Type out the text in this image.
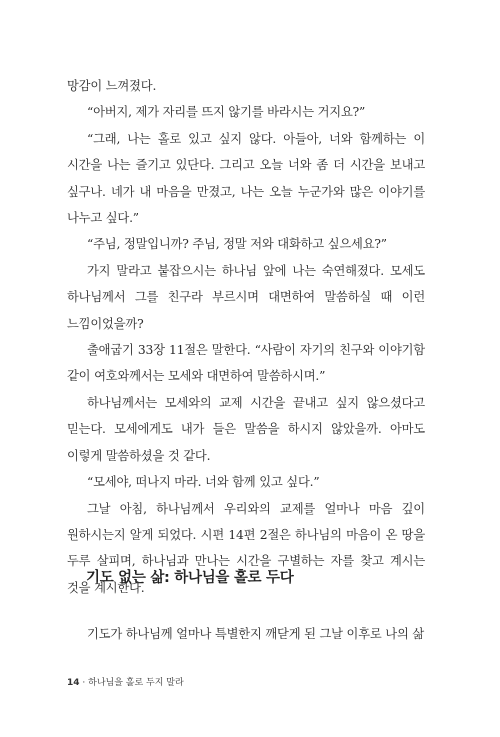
망감이 느껴졌다.

“아버지, 제가 자리를 뜨지 않기를 바라시는 거지요?”

“그래, 나는 홀로 있고 싶지 않다. 아들아, 너와 함께하는 이 시간을 나는 즐기고 있단다. 그리고 오늘 너와 좀 더 시간을 보내고 싶구나. 네가 내 마음을 만졌고, 나는 오늘 누군가와 많은 이야기를 나누고 싶다.”

“주님, 정말입니까? 주님, 정말 저와 대화하고 싶으세요?”

가지 말라고 붙잡으시는 하나님 앞에 나는 숙연해졌다. 모세도 하나님께서 그를 친구라 부르시며 대면하여 말씀하실 때 이런 느낌이었을까?

출애굽기 33장 11절은 말한다. “사람이 자기의 친구와 이야기함 같이 여호와께서는 모세와 대면하여 말씀하시며.”

하나님께서는 모세와의 교제 시간을 끝내고 싶지 않으셨다고 믿는다. 모세에게도 내가 들은 말씀을 하시지 않았을까. 아마도 이렇게 말씀하셨을 것 같다.

“모세야, 떠나지 마라. 너와 함께 있고 싶다.”

그날 아침, 하나님께서 우리와의 교제를 얼마나 마음 깊이 원하시는지 알게 되었다. 시편 14편 2절은 하나님의 마음이 온 땅을 두루 살피며, 하나님과 만나는 시간을 구별하는 자를 찾고 계시는 것을 계시한다.

기도 없는 삶: 하나님을 홀로 두다

기도가 하나님께 얼마나 특별한지 깨닫게 된 그날 이후로 나의 삶

14 · 하나님을 홀로 두지 말라
